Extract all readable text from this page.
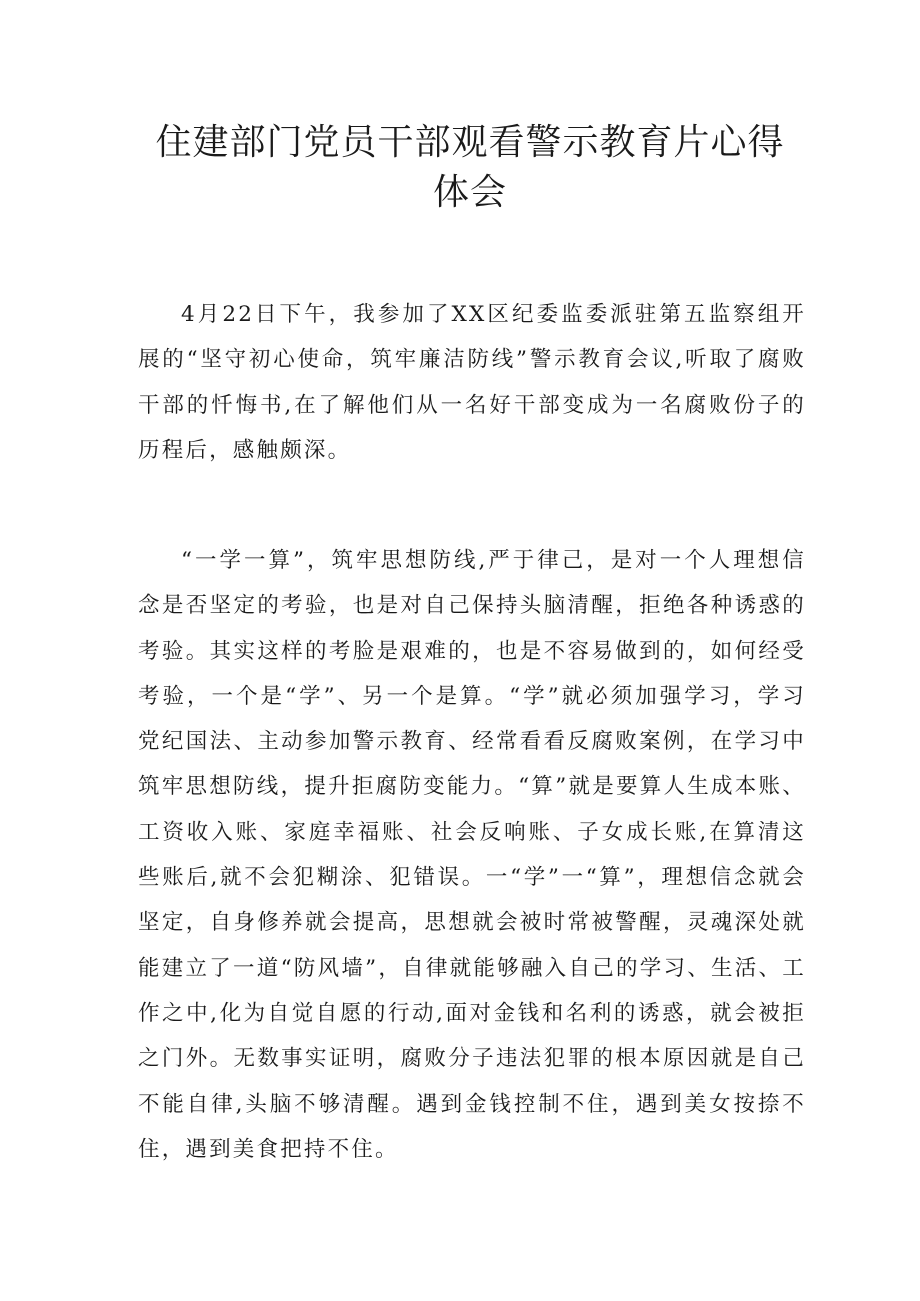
住建部门党员干部观看警示教育片心得体会

4月22日下午，我参加了XX区纪委监委派驻第五监察组开展的“坚守初心使命，筑牢廉洁防线”警示教育会议,听取了腐败干部的忏悔书,在了解他们从一名好干部变成为一名腐败份子的历程后，感触颇深。

“一学一算”，筑牢思想防线,严于律己，是对一个人理想信念是否坚定的考验，也是对自己保持头脑清醒，拒绝各种诱惑的考验。其实这样的考脸是艰难的，也是不容易做到的，如何经受考验，一个是“学”、另一个是算。“学”就必须加强学习，学习党纪国法、主动参加警示教育、经常看看反腐败案例，在学习中筑牢思想防线，提升拒腐防变能力。“算”就是要算人生成本账、工资收入账、家庭幸福账、社会反响账、子女成长账,在算清这些账后,就不会犯糊涂、犯错误。一“学”一“算”，理想信念就会坚定，自身修养就会提高，思想就会被时常被警醒，灵魂深处就能建立了一道“防风墙”，自律就能够融入自己的学习、生活、工作之中,化为自觉自愿的行动,面对金钱和名利的诱惑，就会被拒之门外。无数事实证明，腐败分子违法犯罪的根本原因就是自己不能自律,头脑不够清醒。遇到金钱控制不住，遇到美女按捺不住，遇到美食把持不住。
